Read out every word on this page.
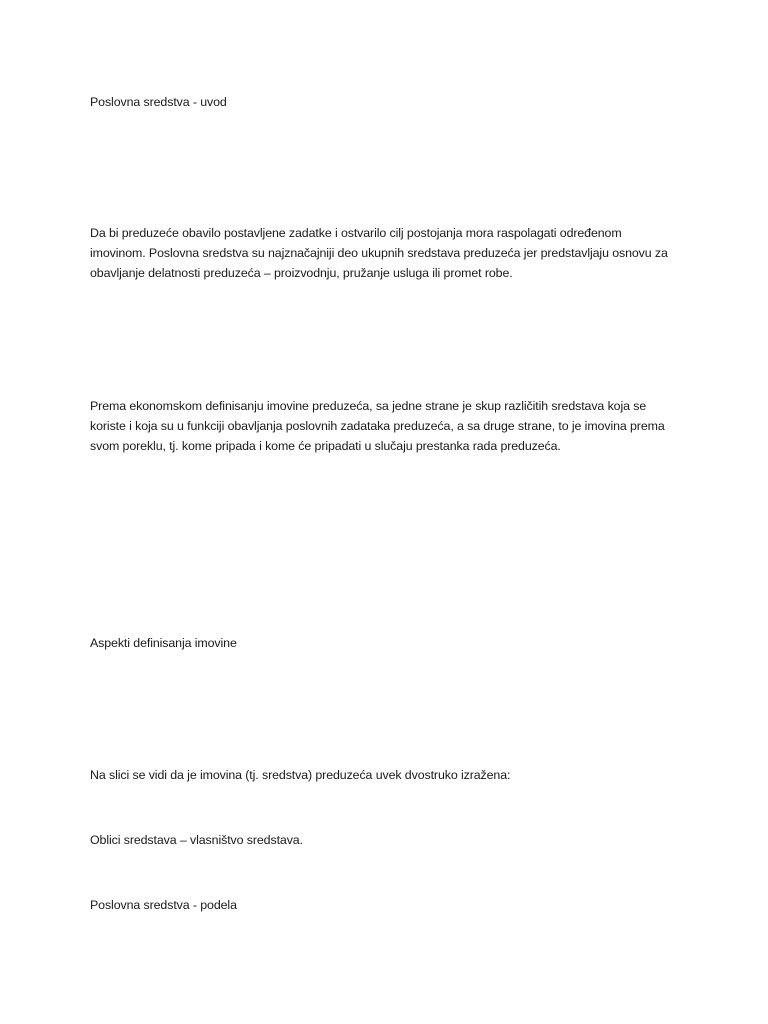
Poslovna sredstva - uvod

Da bi preduzeće obavilo postavljene zadatke i ostvarilo cilj postojanja mora raspolagati određenom imovinom. Poslovna sredstva su najznačajniji deo ukupnih sredstava preduzeća jer predstavljaju osnovu za obavljanje delatnosti preduzeća – proizvodnju, pružanje usluga ili promet robe.

Prema ekonomskom definisanju imovine preduzeća, sa jedne strane je skup različitih sredstava koja se koriste i koja su u funkciji obavljanja poslovnih zadataka preduzeća, a sa druge strane, to je imovina prema svom poreklu, tj. kome pripada i kome će pripadati u slučaju prestanka rada preduzeća.

Aspekti definisanja imovine

Na slici se vidi da je imovina (tj. sredstva) preduzeća uvek dvostruko izražena:

Oblici sredstava – vlasništvo sredstava.

Poslovna sredstva - podela
